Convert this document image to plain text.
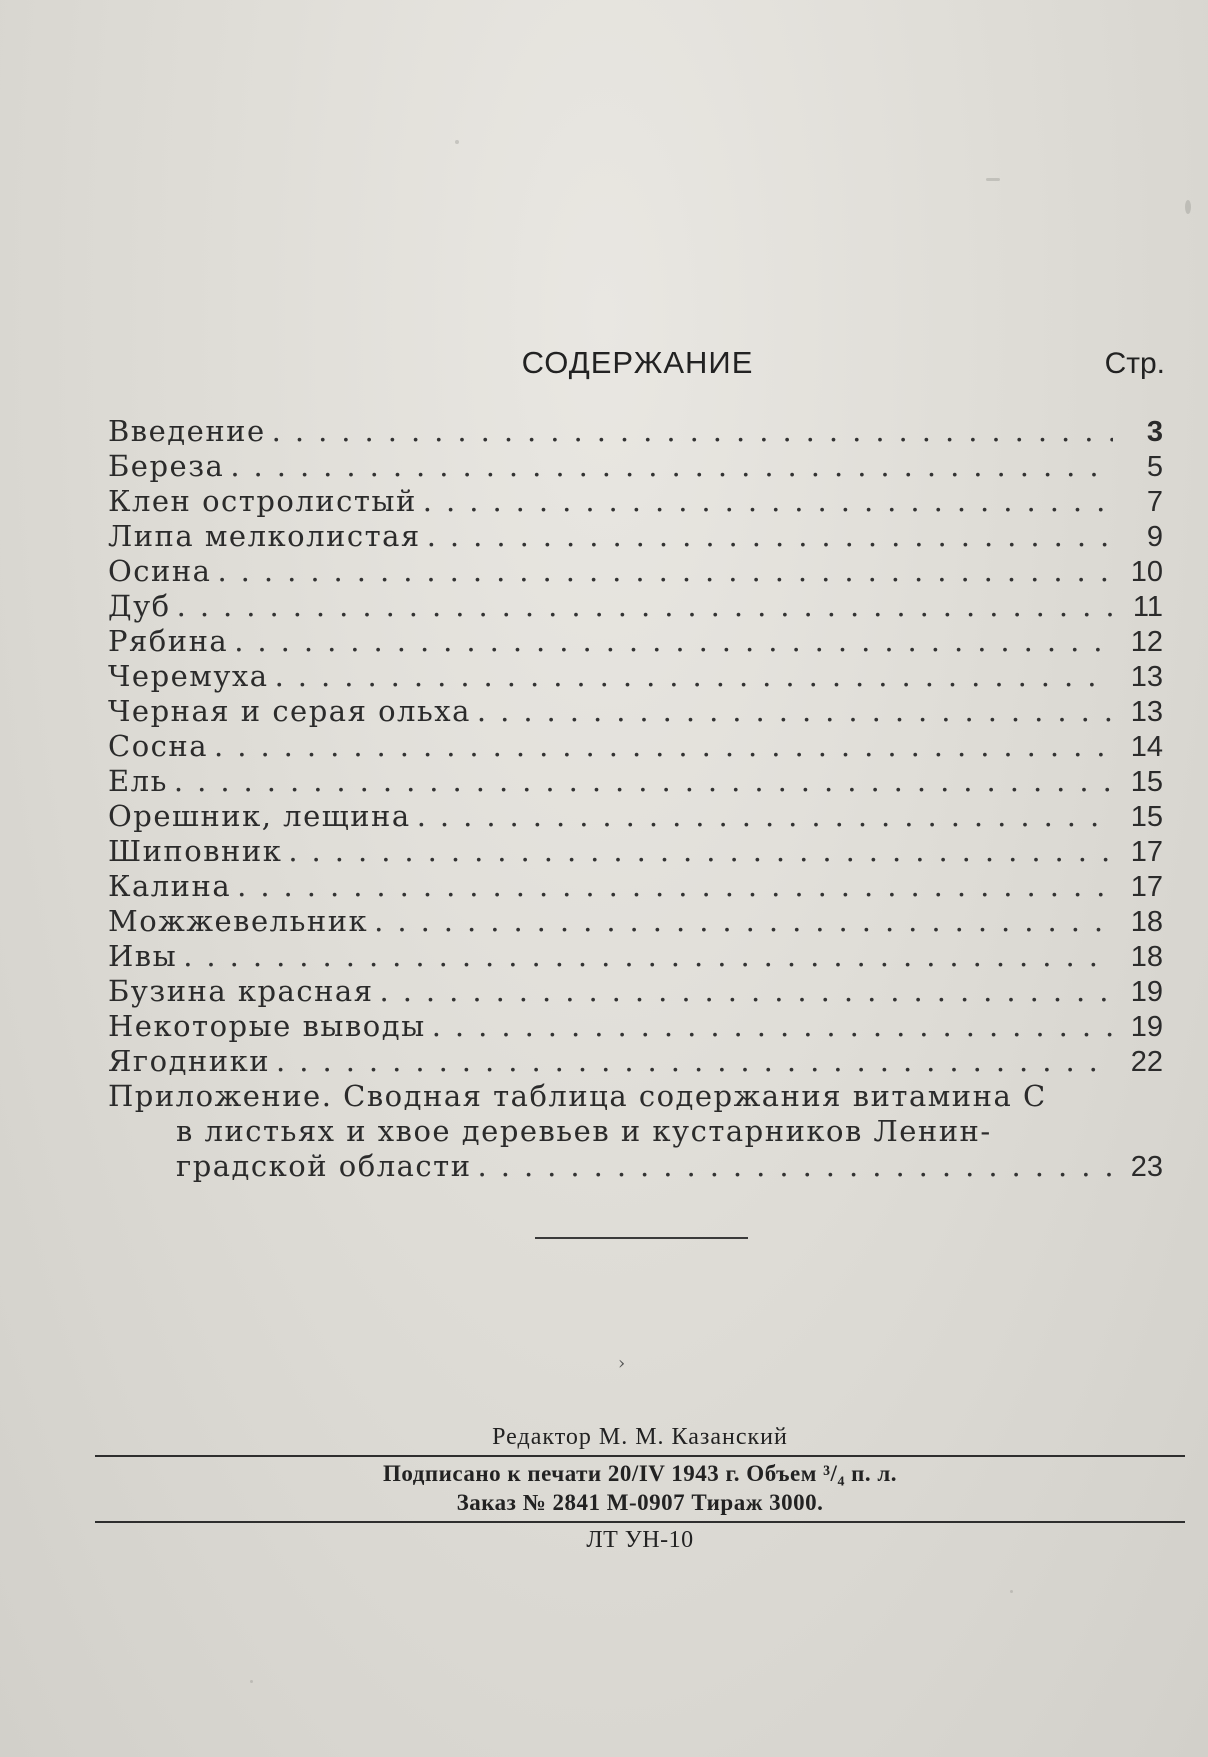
СОДЕРЖАНИЕ	Стр.
Введение .....	3
Береза .....	5
Клен остролистый .....	7
Липа мелколистая .....	9
Осина .....	10
Дуб .....	11
Рябина .....	12
Черемуха .....	13
Черная и серая ольха .....	13
Сосна .....	14
Ель .....	15
Орешник, лещина .....	15
Шиповник .....	17
Калина .....	17
Можжевельник .....	18
Ивы .....	18
Бузина красная .....	19
Некоторые выводы .....	19
Ягодники .....	22
Приложение. Сводная таблица содержания витамина С
в листьях и хвое деревьев и кустарников Ленин-
градской области .....	23
›
Редактор М. М. Казанский
Подписано к печати 20/IV 1943 г. Объем ³/₄ п. л.
Заказ № 2841 М-0907 Тираж 3000.
ЛТ УН-10
